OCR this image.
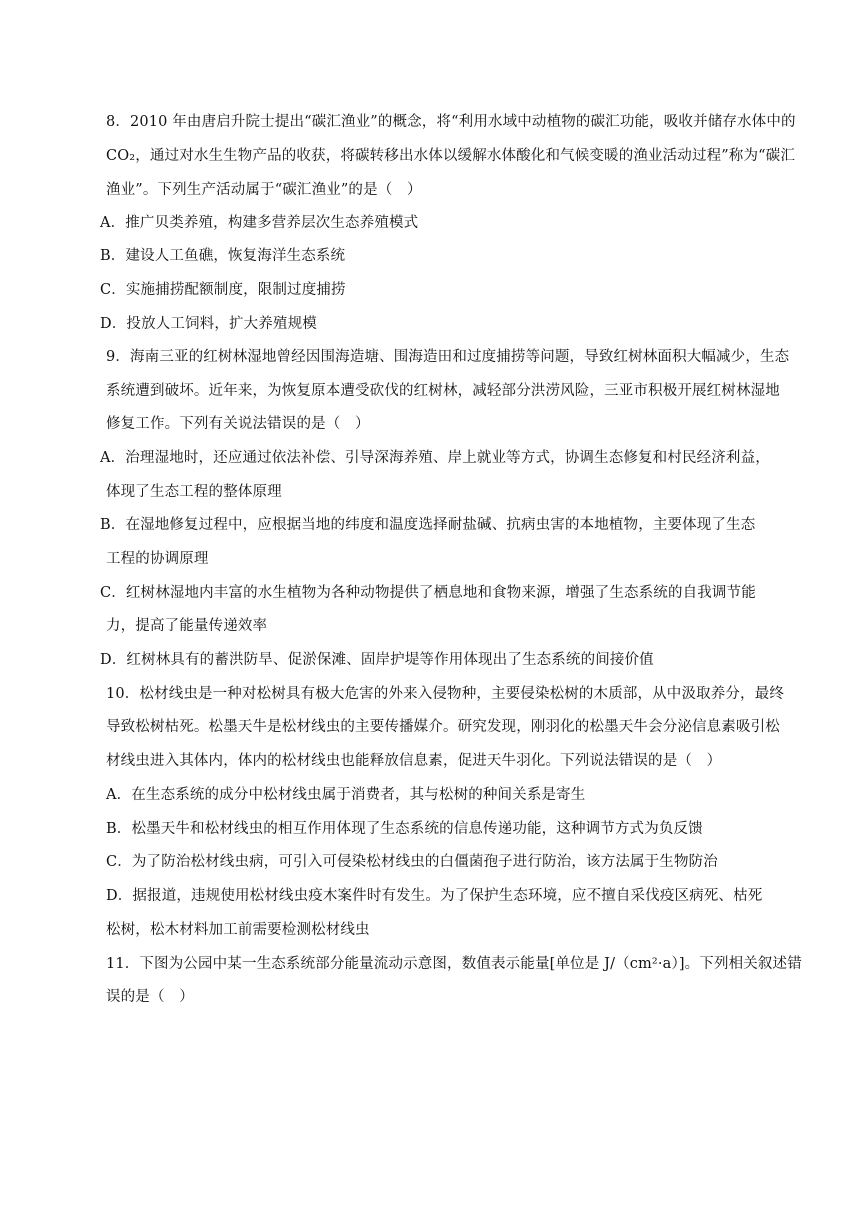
8．2010 年由唐启升院士提出“碳汇渔业”的概念，将“利用水域中动植物的碳汇功能，吸收并储存水体中的
CO₂，通过对水生生物产品的收获，将碳转移出水体以缓解水体酸化和气候变暖的渔业活动过程”称为“碳汇
渔业”。下列生产活动属于“碳汇渔业”的是（　）
A．推广贝类养殖，构建多营养层次生态养殖模式
B．建设人工鱼礁，恢复海洋生态系统
C．实施捕捞配额制度，限制过度捕捞
D．投放人工饲料，扩大养殖规模
9．海南三亚的红树林湿地曾经因围海造塘、围海造田和过度捕捞等问题，导致红树林面积大幅减少，生态
系统遭到破坏。近年来，为恢复原本遭受砍伐的红树林，减轻部分洪涝风险，三亚市积极开展红树林湿地
修复工作。下列有关说法错误的是（　）
A．治理湿地时，还应通过依法补偿、引导深海养殖、岸上就业等方式，协调生态修复和村民经济利益，
体现了生态工程的整体原理
B．在湿地修复过程中，应根据当地的纬度和温度选择耐盐碱、抗病虫害的本地植物，主要体现了生态
工程的协调原理
C．红树林湿地内丰富的水生植物为各种动物提供了栖息地和食物来源，增强了生态系统的自我调节能
力，提高了能量传递效率
D．红树林具有的蓄洪防旱、促淤保滩、固岸护堤等作用体现出了生态系统的间接价值
10．松材线虫是一种对松树具有极大危害的外来入侵物种，主要侵染松树的木质部，从中汲取养分，最终
导致松树枯死。松墨天牛是松材线虫的主要传播媒介。研究发现，刚羽化的松墨天牛会分泌信息素吸引松
材线虫进入其体内，体内的松材线虫也能释放信息素，促进天牛羽化。下列说法错误的是（　）
A．在生态系统的成分中松材线虫属于消费者，其与松树的种间关系是寄生
B．松墨天牛和松材线虫的相互作用体现了生态系统的信息传递功能，这种调节方式为负反馈
C．为了防治松材线虫病，可引入可侵染松材线虫的白僵菌孢子进行防治，该方法属于生物防治
D．据报道，违规使用松材线虫疫木案件时有发生。为了保护生态环境，应不擅自采伐疫区病死、枯死
松树，松木材料加工前需要检测松材线虫
11．下图为公园中某一生态系统部分能量流动示意图，数值表示能量[单位是 J/（cm²·a）]。下列相关叙述错
误的是（　）
